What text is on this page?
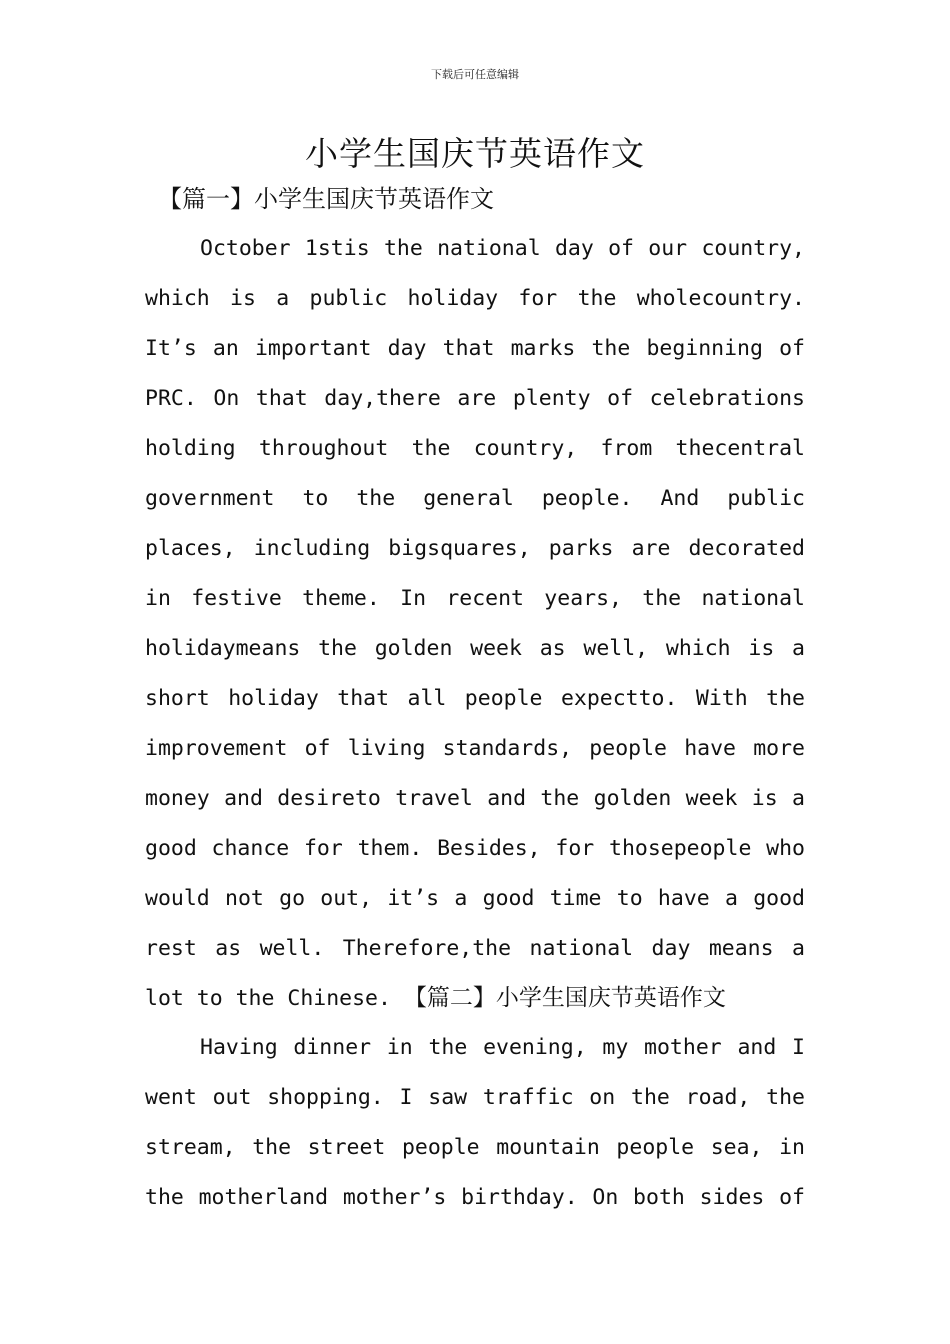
下载后可任意编辑
小学生国庆节英语作文
【篇一】小学生国庆节英语作文
October 1stis the national day of our country,
which is a public holiday for the wholecountry.
It’s an important day that marks the beginning of
PRC. On that day,there are plenty of celebrations
holding throughout the country, from thecentral
government to the general people. And public
places, including bigsquares, parks are decorated
in festive theme. In recent years, the national
holidaymeans the golden week as well, which is a
short holiday that all people expectto. With the
improvement of living standards, people have more
money and desireto travel and the golden week is a
good chance for them. Besides, for thosepeople who
would not go out, it’s a good time to have a good
rest as well. Therefore,the national day means a
lot to the Chinese. 【篇二】小学生国庆节英语作文
Having dinner in the evening, my mother and I
went out shopping. I saw traffic on the road, the
stream, the street people mountain people sea, in
the motherland mother’s birthday. On both sides of
